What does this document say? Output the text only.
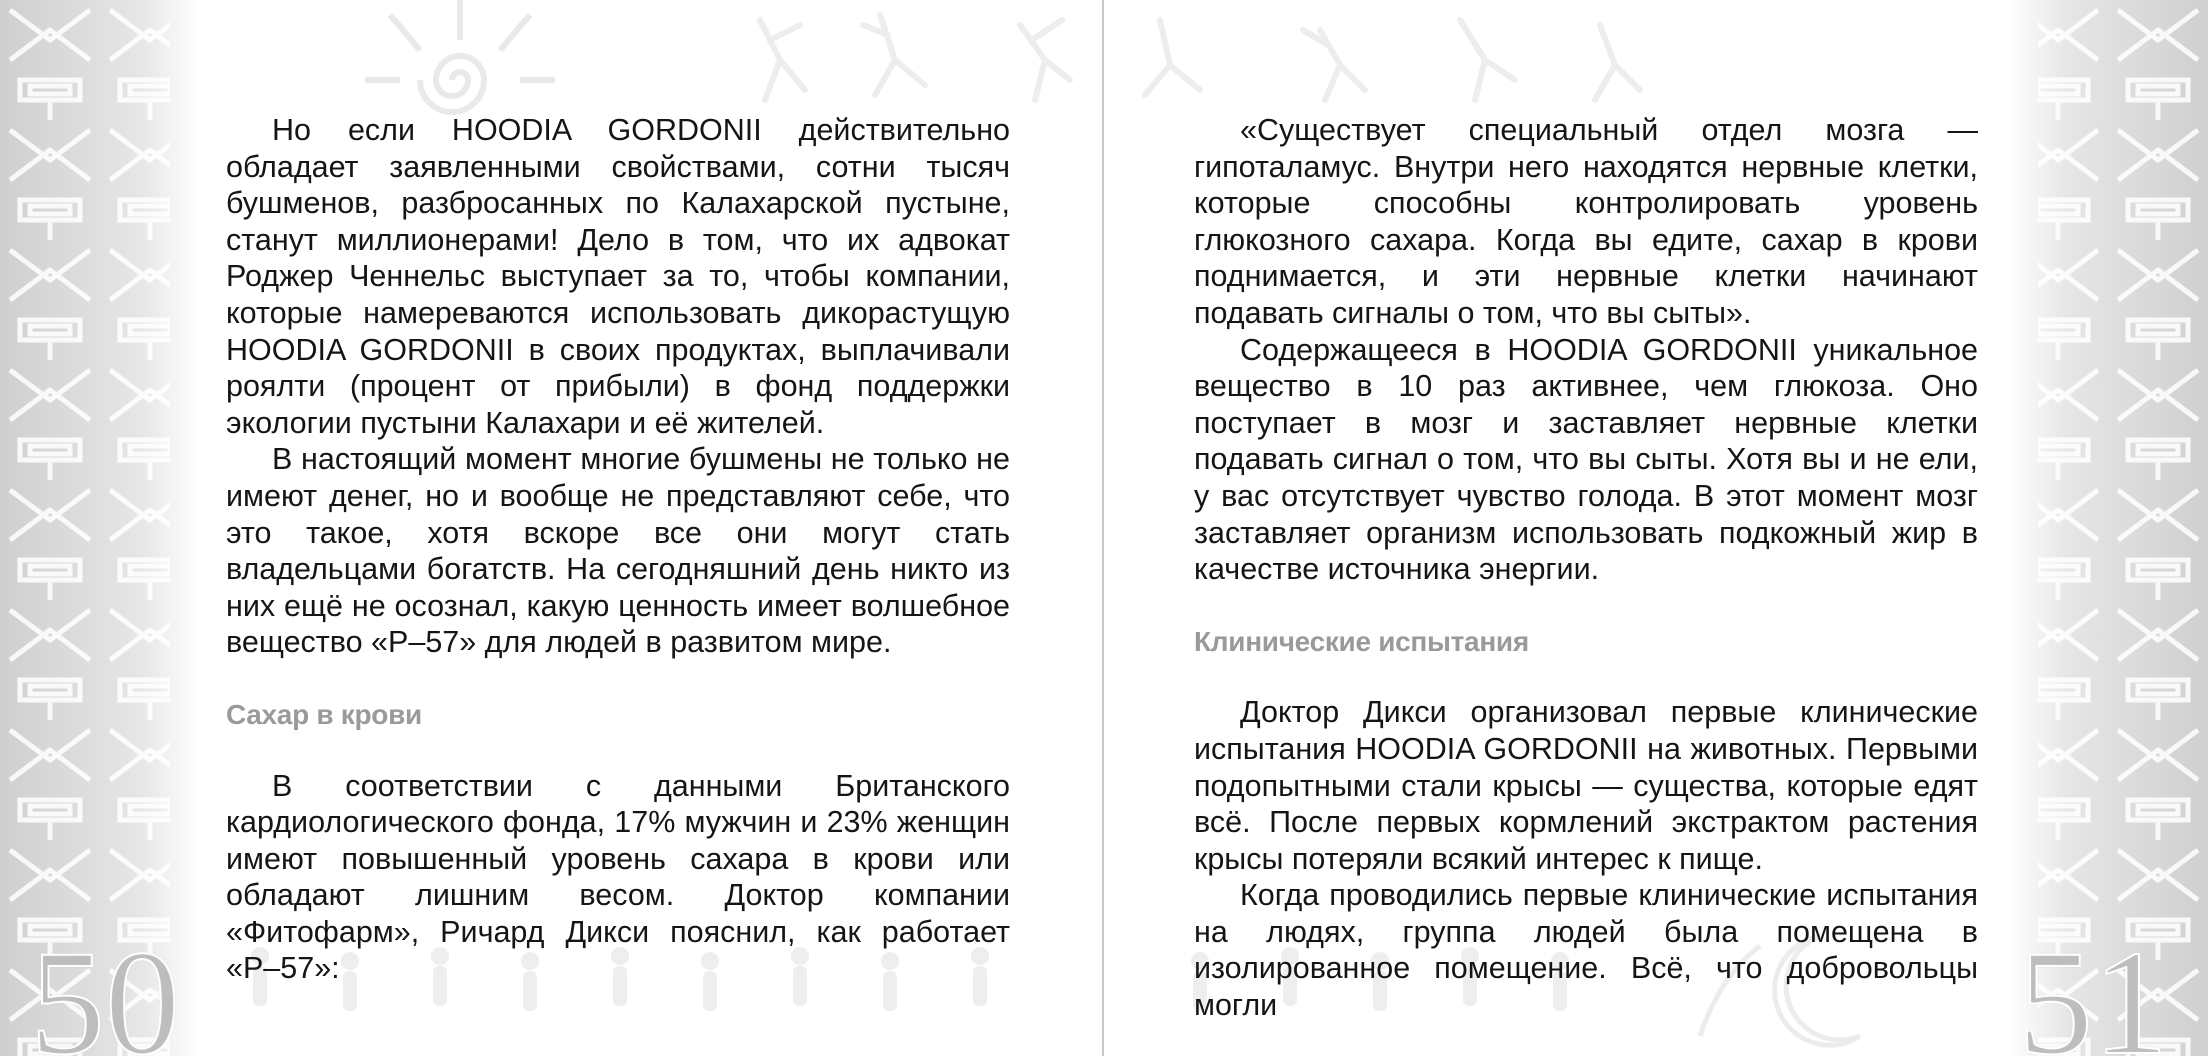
Но если HOODIA GORDONII действительно обладает заявленными свойствами, сотни тысяч бушменов, разбросанных по Калахарской пустыне, станут миллионерами! Дело в том, что их адвокат Роджер Ченнельс выступает за то, чтобы компании, которые намереваются использовать дикорастущую HOODIA GORDONII в своих продуктах, выплачивали роялти (процент от прибыли) в фонд поддержки экологии пустыни Калахари и её жителей.

В настоящий момент многие бушмены не только не имеют денег, но и вообще не представляют себе, что это такое, хотя вскоре все они могут стать владельцами богатств. На сегодняшний день никто из них ещё не осознал, какую ценность имеет волшебное вещество «Р–57» для людей в развитом мире.

Сахар в крови

В соответствии с данными Британского кардиологического фонда, 17% мужчин и 23% женщин имеют повышенный уровень сахара в крови или обладают лишним весом. Доктор компании «Фитофарм», Ричард Дикси пояснил, как работает «Р–57»:

«Существует специальный отдел мозга — гипоталамус. Внутри него находятся нервные клетки, которые способны контролировать уровень глюкозного сахара. Когда вы едите, сахар в крови поднимается, и эти нервные клетки начинают подавать сигналы о том, что вы сыты».

Содержащееся в HOODIA GORDONII уникальное вещество в 10 раз активнее, чем глюкоза. Оно поступает в мозг и заставляет нервные клетки подавать сигнал о том, что вы сыты. Хотя вы и не ели, у вас отсутствует чувство голода. В этот момент мозг заставляет организм использовать подкожный жир в качестве источника энергии.

Клинические испытания

Доктор Дикси организовал первые клинические испытания HOODIA GORDONII на животных. Первыми подопытными стали крысы — существа, которые едят всё. После первых кормлений экстрактом растения крысы потеряли всякий интерес к пище.

Когда проводились первые клинические испытания на людях, группа людей была помещена в изолированное помещение. Всё, что добровольцы могли

50	51
